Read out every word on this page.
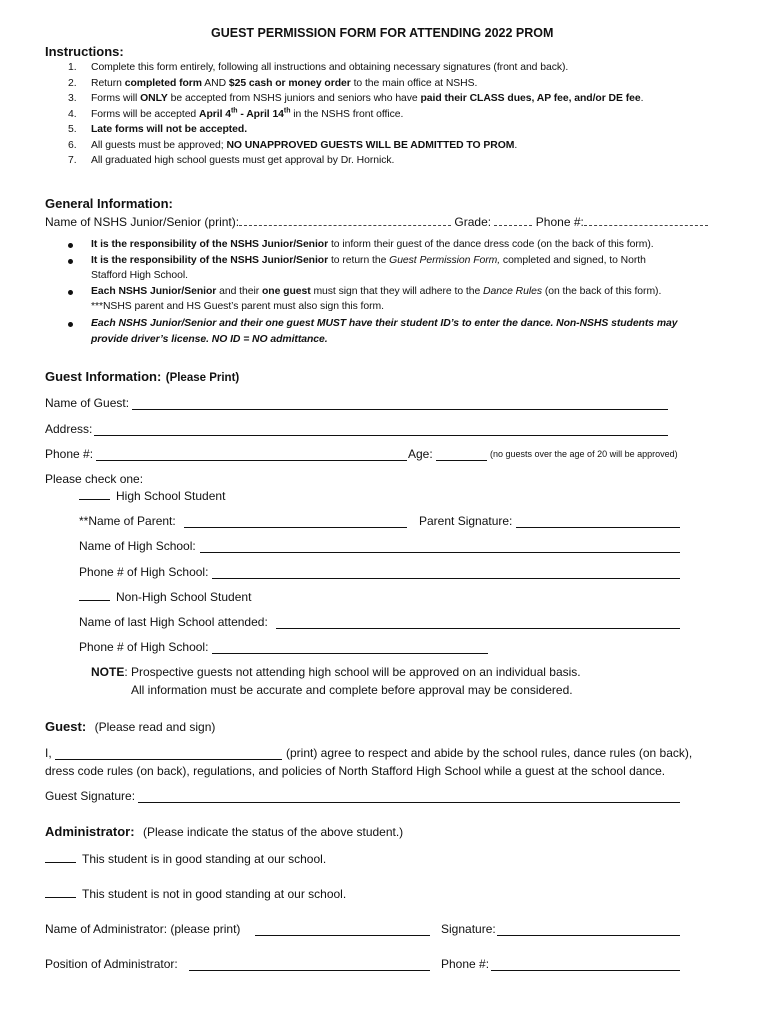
GUEST PERMISSION FORM FOR ATTENDING 2022 PROM
Instructions:
1. Complete this form entirely, following all instructions and obtaining necessary signatures (front and back).
2. Return completed form AND $25 cash or money order to the main office at NSHS.
3. Forms will ONLY be accepted from NSHS juniors and seniors who have paid their CLASS dues, AP fee, and/or DE fee.
4. Forms will be accepted April 4th - April 14th in the NSHS front office.
5. Late forms will not be accepted.
6. All guests must be approved; NO UNAPPROVED GUESTS WILL BE ADMITTED TO PROM.
7. All graduated high school guests must get approval by Dr. Hornick.
General Information:
Name of NSHS Junior/Senior (print):	Grade:	Phone #:
It is the responsibility of the NSHS Junior/Senior to inform their guest of the dance dress code (on the back of this form).
It is the responsibility of the NSHS Junior/Senior to return the Guest Permission Form, completed and signed, to North
Stafford High School.
Each NSHS Junior/Senior and their one guest must sign that they will adhere to the Dance Rules (on the back of this form).
***NSHS parent and HS Guest’s parent must also sign this form.
Each NSHS Junior/Senior and their one guest MUST have their student ID’s to enter the dance. Non-NSHS students may
provide driver’s license. NO ID = NO admittance.
Guest Information: (Please Print)
Name of Guest:
Address:
Phone #:	Age:	(no guests over the age of 20 will be approved)
Please check one:
High School Student
**Name of Parent:	Parent Signature:
Name of High School:
Phone # of High School:
Non-High School Student
Name of last High School attended:
Phone # of High School:
NOTE: Prospective guests not attending high school will be approved on an individual basis.
All information must be accurate and complete before approval may be considered.
Guest: (Please read and sign)
I,	(print) agree to respect and abide by the school rules, dance rules (on back),
dress code rules (on back), regulations, and policies of North Stafford High School while a guest at the school dance.
Guest Signature:
Administrator: (Please indicate the status of the above student.)
This student is in good standing at our school.
This student is not in good standing at our school.
Name of Administrator: (please print)	Signature:
Position of Administrator:	Phone #:
